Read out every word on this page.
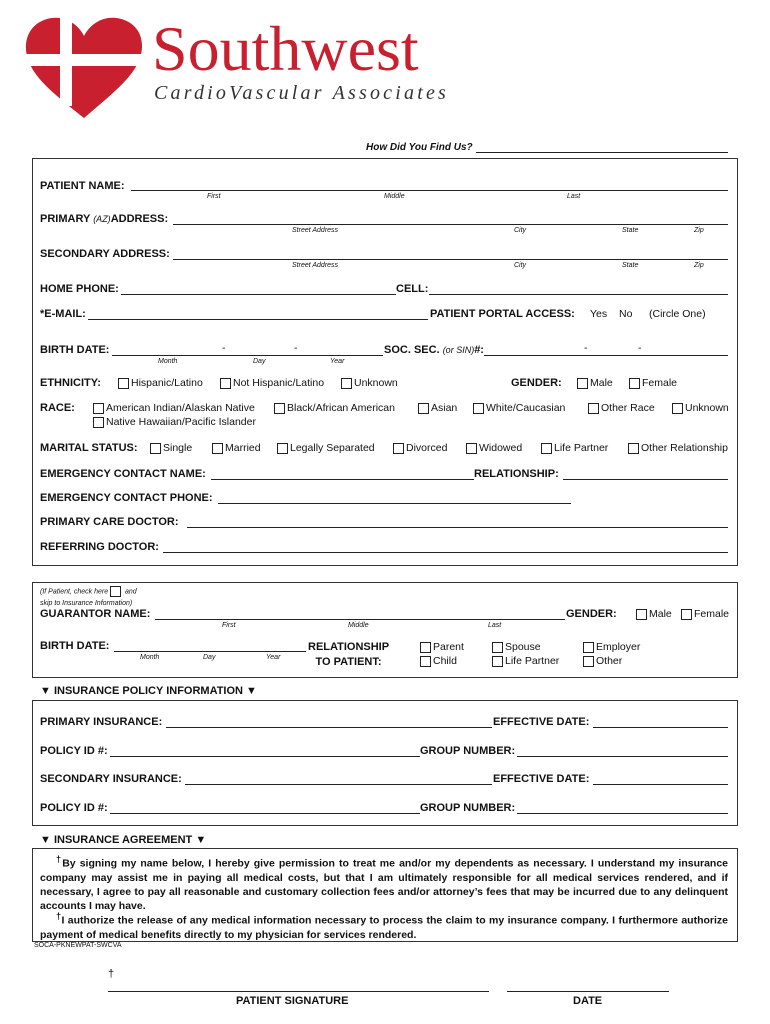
Southwest
CardioVascular Associates
How Did You Find Us?
PATIENT NAME:
First	Middle	Last
PRIMARY (AZ)ADDRESS:
Street Address	City	State	Zip
SECONDARY ADDRESS:
Street Address	City	State	Zip
HOME PHONE:	CELL:
*E-MAIL:	PATIENT PORTAL ACCESS: Yes No (Circle One)
BIRTH DATE:	-	-
Month	Day	Year
SOC. SEC. (or SIN)#:	-	-
ETHNICITY:	Hispanic/Latino	Not Hispanic/Latino	Unknown	GENDER:	Male	Female
RACE:	American Indian/Alaskan Native	Black/African American	Asian	White/Caucasian	Other Race	Unknown
Native Hawaiian/Pacific Islander
MARITAL STATUS: Single	Married	Legally Separated	Divorced	Widowed	Life Partner	Other Relationship
EMERGENCY CONTACT NAME:	RELATIONSHIP:
EMERGENCY CONTACT PHONE:
PRIMARY CARE DOCTOR:
REFERRING DOCTOR:
(If Patient, check here and
skip to Insurance Information)
GUARANTOR NAME:
First	Middle	Last
GENDER:	Male Female
BIRTH DATE:
Month	Day	Year
RELATIONSHIP
TO PATIENT:
Parent	Spouse	Employer
Child	Life Partner	Other
▼ INSURANCE POLICY INFORMATION ▼
PRIMARY INSURANCE:	EFFECTIVE DATE:
POLICY ID #:	GROUP NUMBER:
SECONDARY INSURANCE:	EFFECTIVE DATE:
POLICY ID #:	GROUP NUMBER:
▼ INSURANCE AGREEMENT ▼
†By signing my name below, I hereby give permission to treat me and/or my dependents as necessary. I understand my insurance company may assist me in paying all medical costs, but that I am ultimately responsible for all medical services rendered, and if necessary, I agree to pay all reasonable and customary collection fees and/or attorney’s fees that may be incurred due to any delinquent accounts I may have.
†I authorize the release of any medical information necessary to process the claim to my insurance company. I furthermore authorize payment of medical benefits directly to my physician for services rendered.
SOCA-PKNEWPAT-SWCVA
†
PATIENT SIGNATURE	DATE
